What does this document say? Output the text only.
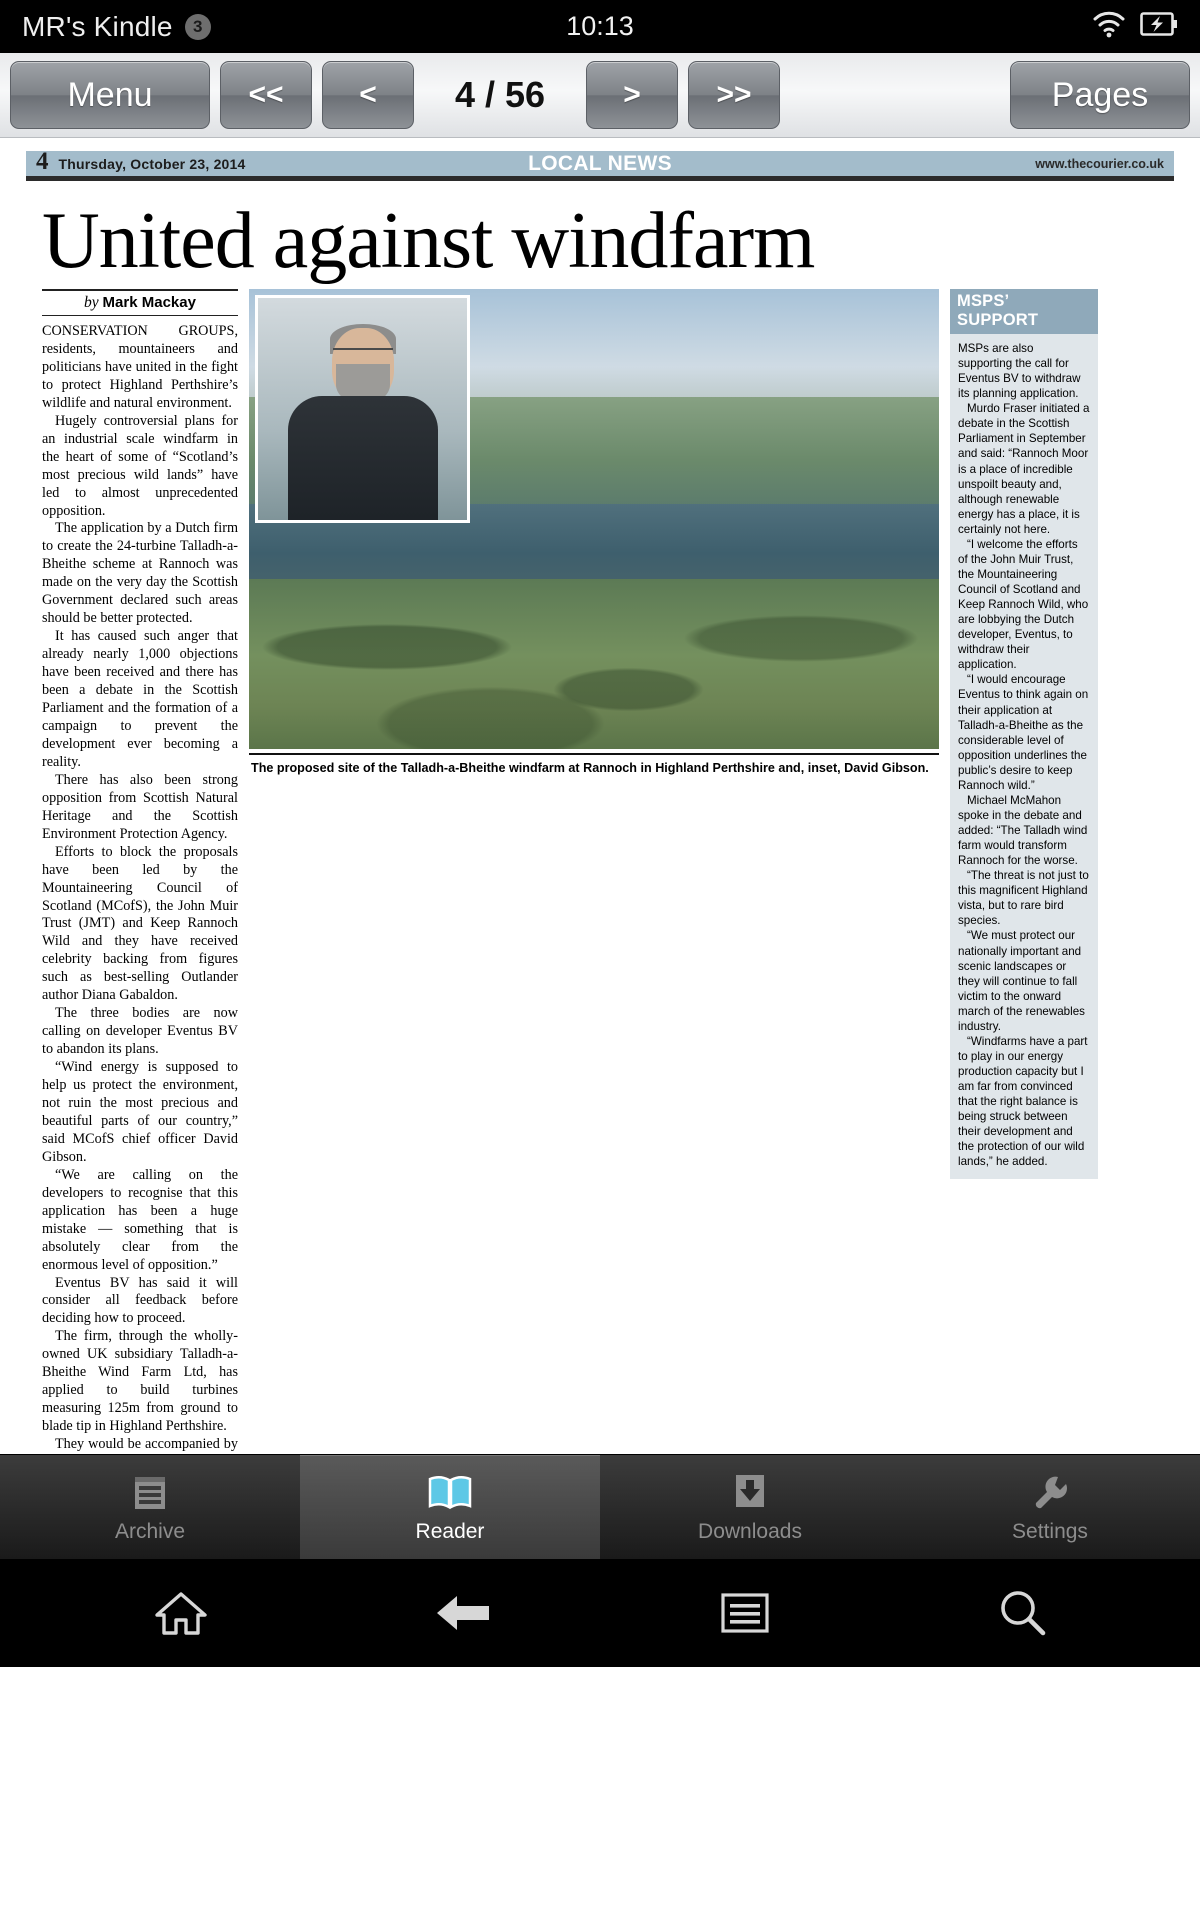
MR's Kindle	3	10:13
Menu	<<	<	4 / 56	>	>>	Pages
4 Thursday, October 23, 2014	LOCAL NEWS	www.thecourier.co.uk
United against windfarm
by Mark Mackay

CONSERVATION GROUPS, residents, mountaineers and politicians have united in the fight to protect Highland Perthshire’s wildlife and natural environment.

Hugely controversial plans for an industrial scale windfarm in the heart of some of “Scotland’s most precious wild lands” have led to almost unprecedented opposition.

The application by a Dutch firm to create the 24-turbine Talladh-a-Bheithe scheme at Rannoch was made on the very day the Scottish Government declared such areas should be better protected.

It has caused such anger that already nearly 1,000 objections have been received and there has been a debate in the Scottish Parliament and the formation of a campaign to prevent the development ever becoming a reality.

There has also been strong opposition from Scottish Natural Heritage and the Scottish Environment Protection Agency.

Efforts to block the proposals have been led by the Mountaineering Council of Scotland (MCofS), the John Muir Trust (JMT) and Keep Rannoch Wild and they have received celebrity backing from figures such as best-selling Outlander author Diana Gabaldon.

The three bodies are now calling on developer Eventus BV to abandon its plans.

“Wind energy is supposed to help us protect the environment, not ruin the most precious and beautiful parts of our country,” said MCofS chief officer David Gibson.

“We are calling on the developers to recognise that this application has been a huge mistake — something that is absolutely clear from the enormous level of opposition.”

Eventus BV has said it will consider all feedback before deciding how to proceed.

The firm, through the wholly-owned UK subsidiary Talladh-a-Bheithe Wind Farm Ltd, has applied to build turbines measuring 125m from ground to blade tip in Highland Perthshire.

They would be accompanied by

The proposed site of the Talladh-a-Bheithe windfarm at Rannoch in Highland Perthshire and, inset, David Gibson.
MSPS’ SUPPORT

MSPs are also supporting the call for Eventus BV to withdraw its planning application.

Murdo Fraser initiated a debate in the Scottish Parliament in September and said: “Rannoch Moor is a place of incredible unspoilt beauty and, although renewable energy has a place, it is certainly not here.

“I welcome the efforts of the John Muir Trust, the Mountaineering Council of Scotland and Keep Rannoch Wild, who are lobbying the Dutch developer, Eventus, to withdraw their application.

“I would encourage Eventus to think again on their application at Talladh-a-Bheithe as the considerable level of opposition underlines the public’s desire to keep Rannoch wild.”

Michael McMahon spoke in the debate and added: “The Talladh wind farm would transform Rannoch for the worse.

“The threat is not just to this magnificent Highland vista, but to rare bird species.

“We must protect our nationally important and scenic landscapes or they will continue to fall victim to the onward march of the renewables industry.

“Windfarms have a part to play in our energy production capacity but I am far from convinced that the right balance is being struck between their development and the protection of our wild lands,” he added.

Archive	Reader	Downloads	Settings
